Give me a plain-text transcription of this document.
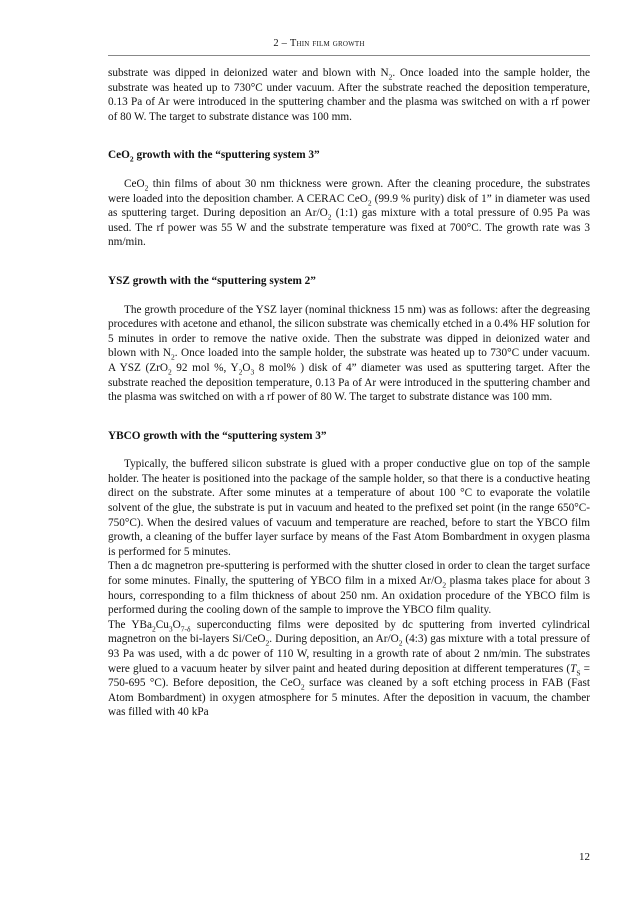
2 – Thin film growth

substrate was dipped in deionized water and blown with $N_2$. Once loaded into the sample holder, the substrate was heated up to 730°C under vacuum. After the substrate reached the deposition temperature, 0.13 Pa of Ar were introduced in the sputtering chamber and the plasma was switched on with a rf power of 80 W. The target to substrate distance was 100 mm.

CeO$_2$ growth with the “sputtering system 3”

CeO$_2$ thin films of about 30 nm thickness were grown. After the cleaning procedure, the substrates were loaded into the deposition chamber. A CERAC CeO$_2$ (99.9 % purity) disk of 1” in diameter was used as sputtering target. During deposition an $Ar/O_2$ (1:1) gas mixture with a total pressure of 0.95 Pa was used. The rf power was 55 W and the substrate temperature was fixed at 700°C. The growth rate was 3 nm/min.

YSZ growth with the “sputtering system 2”

The growth procedure of the YSZ layer (nominal thickness 15 nm) was as follows: after the degreasing procedures with acetone and ethanol, the silicon substrate was chemically etched in a 0.4% HF solution for 5 minutes in order to remove the native oxide. Then the substrate was dipped in deionized water and blown with $N_2$. Once loaded into the sample holder, the substrate was heated up to 730°C under vacuum. A YSZ (ZrO$_2$ 92 mol %, $Y_2O_3$ 8 mol% ) disk of 4” diameter was used as sputtering target. After the substrate reached the deposition temperature, 0.13 Pa of Ar were introduced in the sputtering chamber and the plasma was switched on with a rf power of 80 W. The target to substrate distance was 100 mm.

YBCO growth with the “sputtering system 3”

Typically, the buffered silicon substrate is glued with a proper conductive glue on top of the sample holder. The heater is positioned into the package of the sample holder, so that there is a conductive heating direct on the substrate. After some minutes at a temperature of about 100 °C to evaporate the volatile solvent of the glue, the substrate is put in vacuum and heated to the prefixed set point (in the range 650°C-750°C). When the desired values of vacuum and temperature are reached, before to start the YBCO film growth, a cleaning of the buffer layer surface by means of the Fast Atom Bombardment in oxygen plasma is performed for 5 minutes.

Then a dc magnetron pre-sputtering is performed with the shutter closed in order to clean the target surface for some minutes. Finally, the sputtering of YBCO film in a mixed $Ar/O_2$ plasma takes place for about 3 hours, corresponding to a film thickness of about 250 nm. An oxidation procedure of the YBCO film is performed during the cooling down of the sample to improve the YBCO film quality.

The $YBa_2Cu_3O_{7-\delta}$ superconducting films were deposited by dc sputtering from inverted cylindrical magnetron on the bi-layers Si/CeO$_2$. During deposition, an $Ar/O_2$ (4:3) gas mixture with a total pressure of 93 Pa was used, with a dc power of 110 W, resulting in a growth rate of about 2 nm/min. The substrates were glued to a vacuum heater by silver paint and heated during deposition at different temperatures ($T_S = 750-695$ °C). Before deposition, the CeO$_2$ surface was cleaned by a soft etching process in FAB (Fast Atom Bombardment) in oxygen atmosphere for 5 minutes. After the deposition in vacuum, the chamber was filled with 40 kPa

12
